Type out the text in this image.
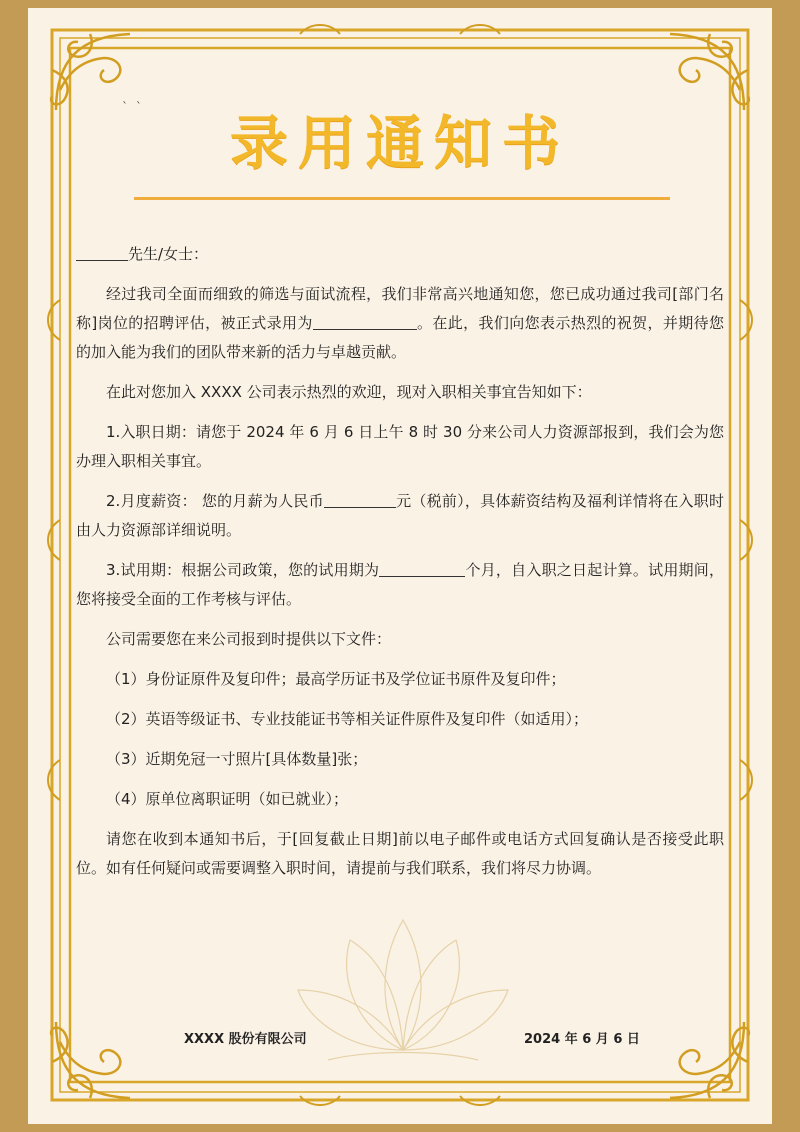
` `
录用通知书

先生/女士：

经过我司全面而细致的筛选与面试流程，我们非常高兴地通知您，您已成功通过我司[部门名称]岗位的招聘评估，被正式录用为	。在此，我们向您表示热烈的祝贺，并期待您的加入能为我们的团队带来新的活力与卓越贡献。

在此对您加入 XXXX 公司表示热烈的欢迎，现对入职相关事宜告知如下：

1.入职日期：请您于 2024 年 6 月 6 日上午 8 时 30 分来公司人力资源部报到，我们会为您办理入职相关事宜。

2.月度薪资： 您的月薪为人民币	元（税前），具体薪资结构及福利详情将在入职时由人力资源部详细说明。

3.试用期：根据公司政策，您的试用期为	个月，自入职之日起计算。试用期间，您将接受全面的工作考核与评估。

公司需要您在来公司报到时提供以下文件：

（1）身份证原件及复印件；最高学历证书及学位证书原件及复印件；

（2）英语等级证书、专业技能证书等相关证件原件及复印件（如适用）；

（3）近期免冠一寸照片[具体数量]张；

（4）原单位离职证明（如已就业）；

请您在收到本通知书后，于[回复截止日期]前以电子邮件或电话方式回复确认是否接受此职位。如有任何疑问或需要调整入职时间，请提前与我们联系，我们将尽力协调。

XXXX 股份有限公司	2024 年 6 月 6 日
